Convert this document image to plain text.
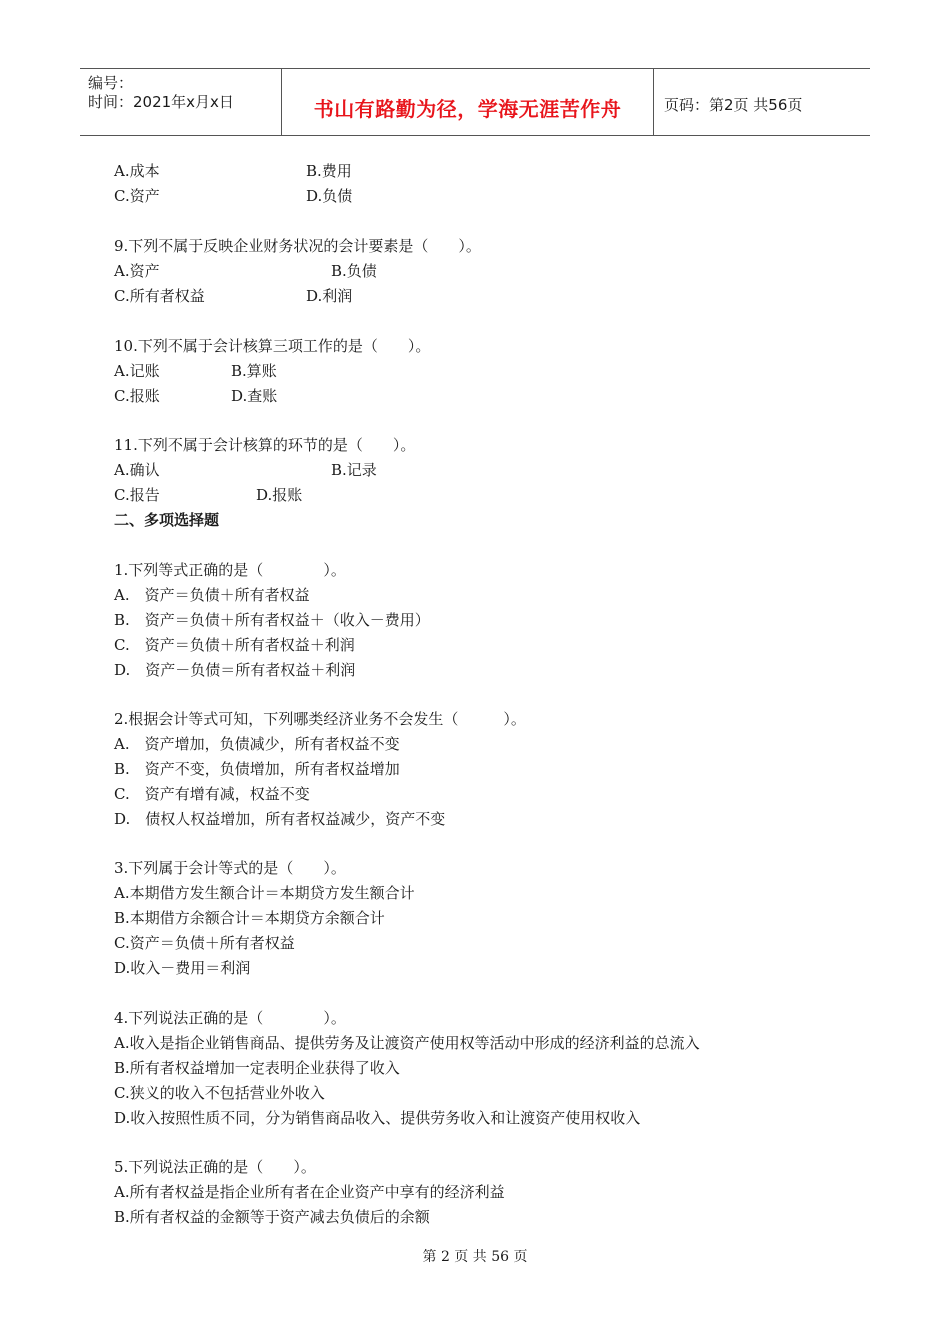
编号：
时间：2021年x月x日	书山有路勤为径，学海无涯苦作舟	页码：第2页 共56页
A.成本	B.费用
C.资产	D.负债
9.下列不属于反映企业财务状况的会计要素是（　　）。
A.资产	B.负债
C.所有者权益	D.利润
10.下列不属于会计核算三项工作的是（　　）。
A.记账	B.算账
C.报账	D.查账
11.下列不属于会计核算的环节的是（　　）。
A.确认	B.记录
C.报告	D.报账
二、多项选择题
1.下列等式正确的是（　　　　）。
A.　资产＝负债＋所有者权益
B.　资产＝负债＋所有者权益＋（收入－费用）
C.　资产＝负债＋所有者权益＋利润
D.　资产－负债＝所有者权益＋利润
2.根据会计等式可知，下列哪类经济业务不会发生（　　　）。
A.　资产增加，负债减少，所有者权益不变
B.　资产不变，负债增加，所有者权益增加
C.　资产有增有减，权益不变
D.　债权人权益增加，所有者权益减少，资产不变
3.下列属于会计等式的是（　　）。
A.本期借方发生额合计＝本期贷方发生额合计
B.本期借方余额合计＝本期贷方余额合计
C.资产＝负债＋所有者权益
D.收入－费用＝利润
4.下列说法正确的是（　　　　）。
A.收入是指企业销售商品、提供劳务及让渡资产使用权等活动中形成的经济利益的总流入
B.所有者权益增加一定表明企业获得了收入
C.狭义的收入不包括营业外收入
D.收入按照性质不同，分为销售商品收入、提供劳务收入和让渡资产使用权收入
5.下列说法正确的是（　　）。
A.所有者权益是指企业所有者在企业资产中享有的经济利益
B.所有者权益的金额等于资产减去负债后的余额
第 2 页 共 56 页
